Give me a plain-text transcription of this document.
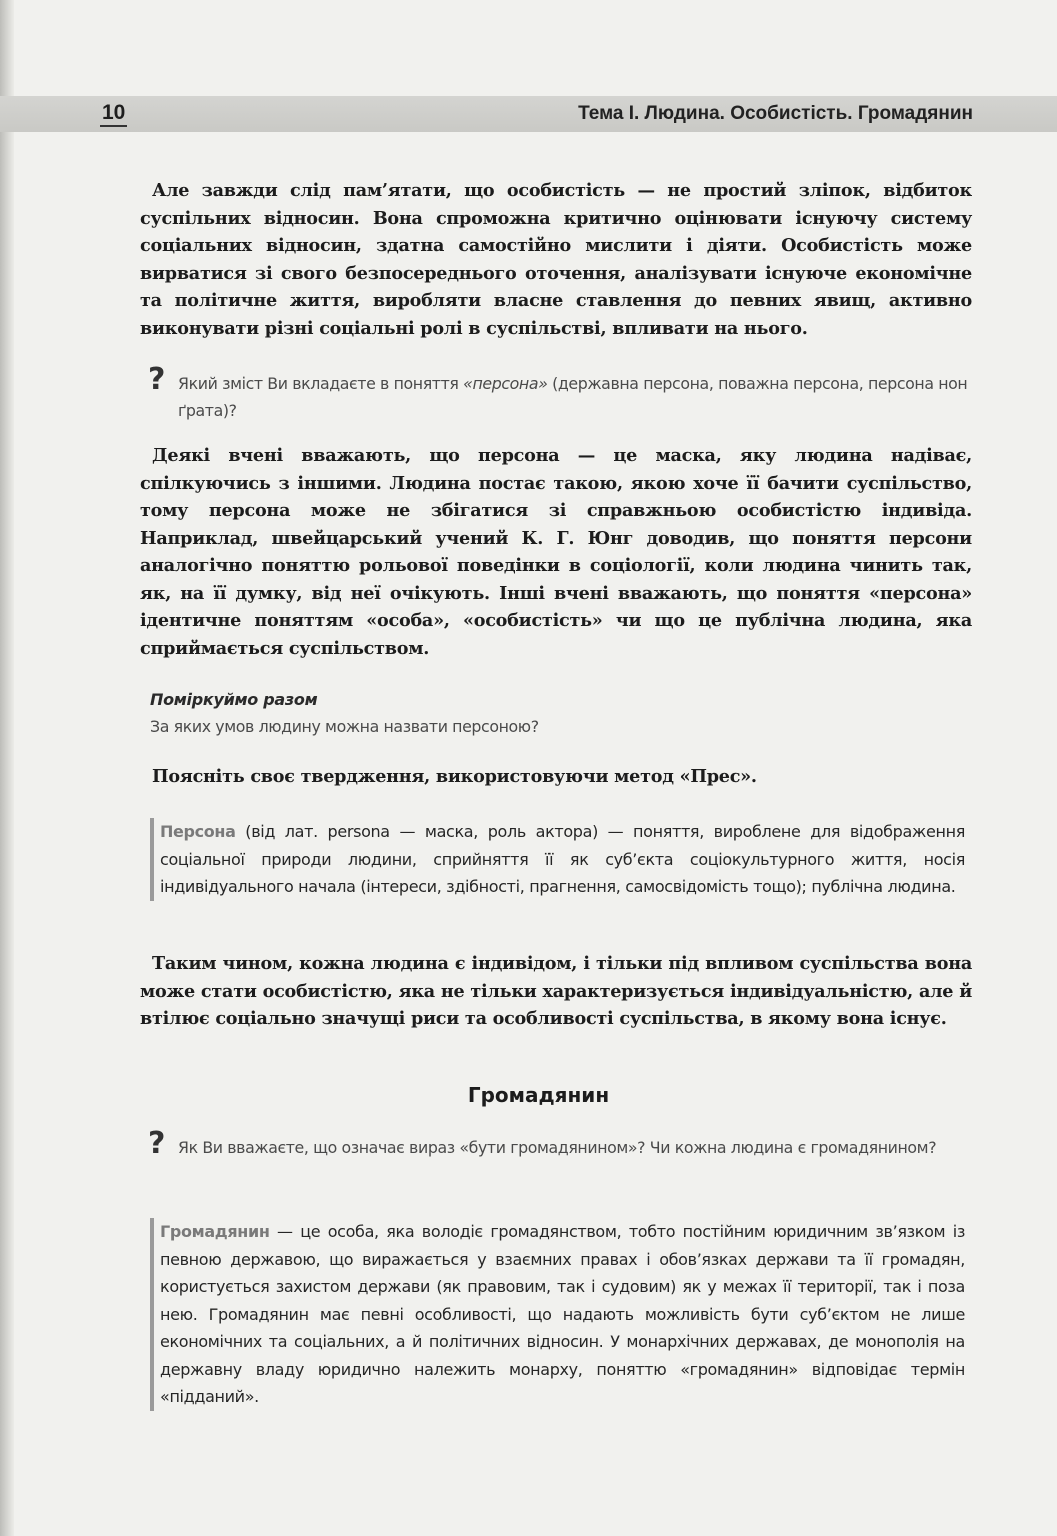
10	Тема I. Людина. Особистість. Громадянин

Але завжди слід пам’ятати, що особистість — не простий зліпок, відбиток суспільних відносин. Вона спроможна критично оцінювати існуючу систему соціальних відносин, здатна самостійно мислити і діяти. Особистість може вирватися зі свого безпосереднього оточення, аналізувати існуюче економічне та політичне життя, виробляти власне ставлення до певних явищ, активно виконувати різні соціальні ролі в суспільстві, впливати на нього.

? Який зміст Ви вкладаєте в поняття «персона» (державна персона, поважна персона, персона нон ґрата)?

Деякі вчені вважають, що персона — це маска, яку людина надіває, спілкуючись з іншими. Людина постає такою, якою хоче її бачити суспільство, тому персона може не збігатися зі справжньою особистістю індивіда. Наприклад, швейцарський учений К. Г. Юнг доводив, що поняття персони аналогічно поняттю рольової поведінки в соціології, коли людина чинить так, як, на її думку, від неї очікують. Інші вчені вважають, що поняття «персона» ідентичне поняттям «особа», «особистість» чи що це публічна людина, яка сприймається суспільством.

Поміркуймо разом

За яких умов людину можна назвати персоною?

Поясніть своє твердження, використовуючи метод «Прес».

Персона (від лат. persona — маска, роль актора) — поняття, вироблене для відображення соціальної природи людини, сприйняття її як суб’єкта соціокультурного життя, носія індивідуального начала (інтереси, здібності, прагнення, самосвідомість тощо); публічна людина.

Таким чином, кожна людина є індивідом, і тільки під впливом суспільства вона може стати особистістю, яка не тільки характеризується індивідуальністю, але й втілює соціально значущі риси та особливості суспільства, в якому вона існує.

Громадянин

? Як Ви вважаєте, що означає вираз «бути громадянином»? Чи кожна людина є громадянином?

Громадянин — це особа, яка володіє громадянством, тобто постійним юридичним зв’язком із певною державою, що виражається у взаємних правах і обов’язках держави та її громадян, користується захистом держави (як правовим, так і судовим) як у межах її території, так і поза нею. Громадянин має певні особливості, що надають можливість бути суб’єктом не лише економічних та соціальних, а й політичних відносин. У монархічних державах, де монополія на державну владу юридично належить монарху, поняттю «громадянин» відповідає термін «підданий».
